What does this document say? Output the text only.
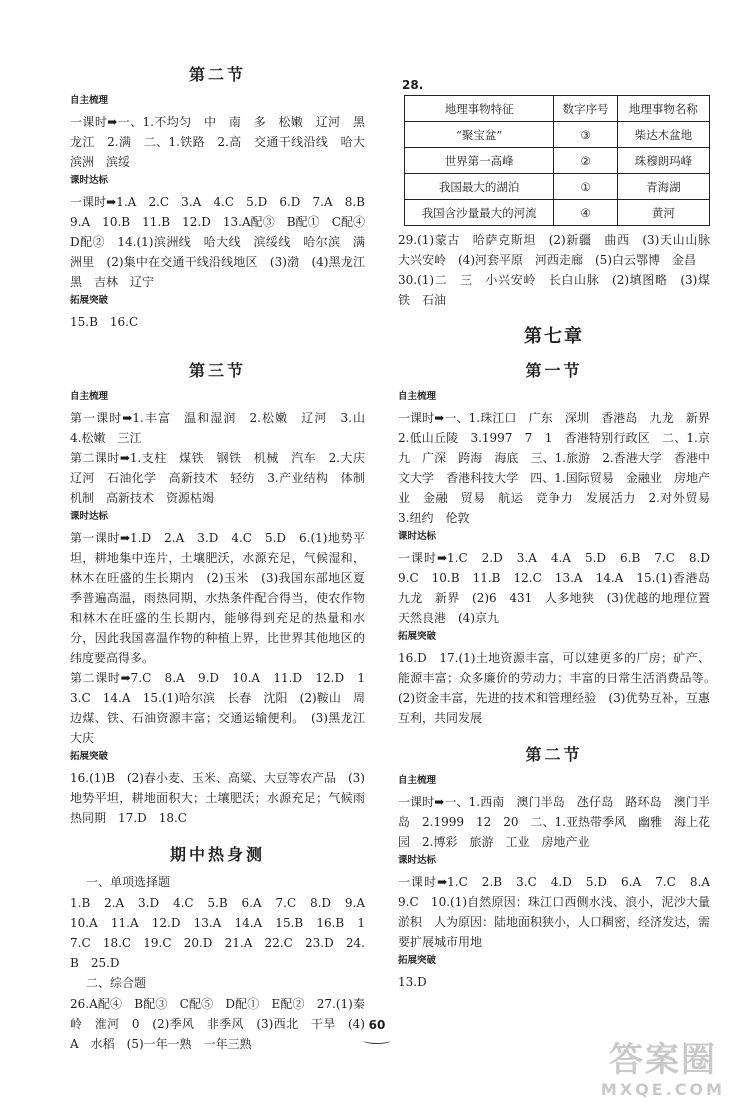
第二节
自主梳理

一课时➡一、1.不均匀　中　南　多　松嫩　辽河　黑龙江　2.满　二、1.铁路　2.高　交通干线沿线　哈大　滨洲　滨绥

课时达标

一课时➡1.A　2.C　3.A　4.C　5.D　6.D　7.A　8.B　9.A　10.B　11.B　12.D　13.A配③　B配①　C配④　D配②　14.(1)滨洲线　哈大线　滨绥线　哈尔滨　满洲里　(2)集中在交通干线沿线地区　(3)渤　(4)黑龙江　黑　吉林　辽宁

拓展突破

15.B　16.C

第三节
自主梳理

第一课时➡1.丰富　温和湿润　2.松嫩　辽河　3.山　4.松嫩　三江

第二课时➡1.支柱　煤铁　钢铁　机械　汽车　2.大庆　辽河　石油化学　高新技术　轻纺　3.产业结构　体制机制　高新技术　资源枯竭

课时达标

第一课时➡1.D　2.A　3.D　4.C　5.D　6.(1)地势平坦，耕地集中连片，土壤肥沃，水源充足，气候湿和，林木在旺盛的生长期内　(2)玉米　(3)我国东部地区夏季普遍高温，雨热同期，水热条件配合得当，使农作物和林木在旺盛的生长期内，能够得到充足的热量和水分，因此我国喜温作物的种植上界，比世界其他地区的纬度要高得多。

第二课时➡7.C　8.A　9.D　10.A　11.D　12.D　13.C　14.A　15.(1)哈尔滨　长春　沈阳　(2)鞍山　周边煤、铁、石油资源丰富；交通运输便利。　(3)黑龙江　大庆

拓展突破

16.(1)B　(2)春小麦、玉米、高粱、大豆等农产品　(3)地势平坦，耕地面积大；土壤肥沃；水源充足；气候雨热同期　17.D　18.C

期中热身测
一、单项选择题

1.B　2.A　3.D　4.C　5.B　6.A　7.C　8.D　9.A　10.A　11.A　12.D　13.A　14.A　15.B　16.B　17.C　18.C　19.C　20.D　21.A　22.C　23.D　24.B　25.D

二、综合题

26.A配④　B配③　C配⑤　D配①　E配②　27.(1)秦岭　淮河　0　(2)季风　非季风　(3)西北　干旱　(4)A　水稻　(5)一年一熟　一年三熟

28.
地理事物特征	数字序号	地理事物名称
“聚宝盆”	③	柴达木盆地
世界第一高峰	②	珠穆朗玛峰
我国最大的湖泊	①	青海湖
我国含沙量最大的河流	④	黄河

29.(1)蒙古　哈萨克斯坦　(2)新疆　曲西　(3)天山山脉　大兴安岭　(4)河套平原　河西走廊　(5)白云鄂博　金昌

30.(1)二　三　小兴安岭　长白山脉　(2)填图略　(3)煤　铁　石油

第七章
第一节
自主梳理

一课时➡一、1.珠江口　广东　深圳　香港岛　九龙　新界　2.低山丘陵　3.1997　7　1　香港特别行政区　二、1.京九　广深　跨海　海底　三、1.旅游　2.香港大学　香港中文大学　香港科技大学　四、1.国际贸易　金融业　房地产业　金融　贸易　航运　竞争力　发展活力　2.对外贸易　3.纽约　伦敦

课时达标

一课时➡1.C　2.D　3.A　4.A　5.D　6.B　7.C　8.D　9.C　10.B　11.B　12.C　13.A　14.A　15.(1)香港岛　九龙　新界　(2)6　431　人多地狭　(3)优越的地理位置　天然良港　(4)京九

拓展突破

16.D　17.(1)土地资源丰富，可以建更多的厂房；矿产、能源丰富；众多廉价的劳动力；丰富的日常生活消费品等。　(2)资金丰富，先进的技术和管理经验　(3)优势互补，互惠互利，共同发展

第二节
自主梳理

一课时➡一、1.西南　澳门半岛　氹仔岛　路环岛　澳门半岛　2.1999　12　20　二、1.亚热带季风　幽雅　海上花园　2.博彩　旅游　工业　房地产业

课时达标

一课时➡1.C　2.B　3.C　4.D　5.D　6.A　7.C　8.A　9.C　10.(1)自然原因：珠江口西侧水浅、浪小，泥沙大量淤积　人为原因：陆地面积狭小，人口稠密，经济发达，需要扩展城市用地

拓展突破

13.D

60
答案圈
MXQE.COM
